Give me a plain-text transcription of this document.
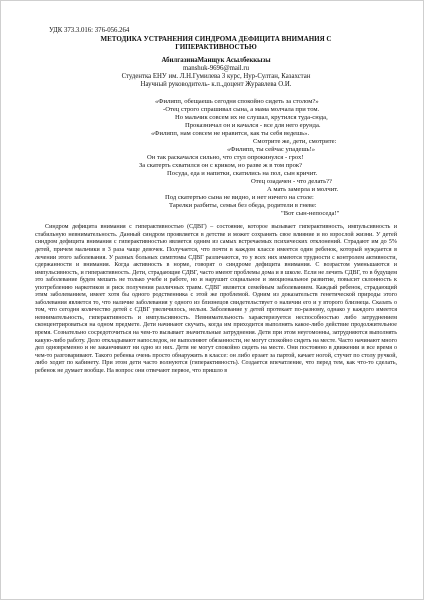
УДК 373.3.016: 376-056.264
МЕТОДИКА УСТРАНЕНИЯ СИНДРОМА ДЕФИЦИТА ВНИМАНИЯ С
ГИПЕРАКТИВНОСТЬЮ
АбилгазинаМанщук Асылбеккызы
manshuk-9696@mail.ru
Студентка ЕНУ им. Л.Н.Гумилева 3 курс, Нур-Султан, Казахстан
Научный руководитель- к.п.,доцент Журавлева О.И.
«Филипп, обещаешь сегодня спокойно сидеть за столом?»
-Отец строго спрашивал сына, а мама молчала при том.
Но мальчик совсем их не слушал, крутился туда-сюда,
Проказничал он и качался - все для него ерунда.
«Филипп, нам совсем не нравится, как ты себя ведешь».
Смотрите же, дети, смотрите:
«Филипп, ты сейчас упадешь!»
Он так раскачался сильно, что стул опрокинулся - грох!
За скатерть схватился он с криком, но разве ж в том прок?
Посуда, еда и напитки, скатились на пол, сын кричит.
Отец озадачен - что делать??
А мать замерла и молчит.
Под скатертью сына не видно, и нет ничего на столе:
Тарелки разбиты, семья без обеда, родители в гневе:
"Вот сын-непоседа!"

Синдром дефицита внимания с гиперактивностью (СДВГ) – состояние, которое вызывает гиперактивность, импульсивность и стабильную невнимательность. Данный синдром проявляется в детстве и может сохранять свое влияние и во взрослой жизни. У детей синдром дефицита внимания с гиперактивностью является одним из самых встречаемых психических отклонений. Страдают им до 5% детей, причем мальчики в 3 раза чаще девочек. Получается, что почти в каждом классе имеется один ребенок, который нуждается в лечении этого заболевания. У разных больных симптомы СДВГ различаются, то у всех них имеются трудности с контролем активности, сдержанности и внимания. Когда активность в норме, говорят о синдроме дефицита внимания. С возрастом уменьшаются и импульсивность, и гиперактивность. Дети, страдающие СДВГ, часто имеют проблемы дома и в школе. Если не лечить СДВГ, то в будущем это заболевание будем мешать не только учебе и работе, но и нарушит социальное и эмоциональное развитие, повысит склонность к употреблению наркотиков и риск получения различных травм. СДВГ является семейным заболеванием. Каждый ребенок, страдающий этим заболеванием, имеет хотя бы одного родственника с этой же проблемой. Одним из доказательств генетической природы этого заболевания является то, что наличие заболевания у одного из близнецов свидетельствует о наличии его и у второго близнеца. Сказать о том, что сегодня количество детей с СДВГ увеличилось, нельзя. Заболевание у детей протекает по-разному, однако у каждого имеется невнимательность, гиперактивность и импульсивность. Невнимательность характеризуется неспособностью либо затруднением сконцентрироваться на одном предмете. Дети начинают скучать, когда им приходится выполнять какое-либо действие продолжительное время. Сознательно сосредоточиться на чем-то вызывает значительные затруднения. Дети при этом неугомонны, затрудняются выполнять какую-либо работу. Дело откладывают напоследок, не выполняют обязанности, не могут спокойно сидеть на месте. Часто начинают много дел одновременно и не заканчивают ни одно из них. Дети не могут спокойно сидеть на месте. Они постоянно в движении и все время о чем-то разговаривают. Такого ребенка очень просто обнаружить в классе: он либо ерзает за партой, качает ногой, стучит по столу ручкой, либо ходит по кабинету. При этом дети часто волнуются (гиперактивность). Создается впечатление, что перед тем, как что-то сделать, ребенок не думает вообще. На вопрос они отвечают первое, что пришло в
